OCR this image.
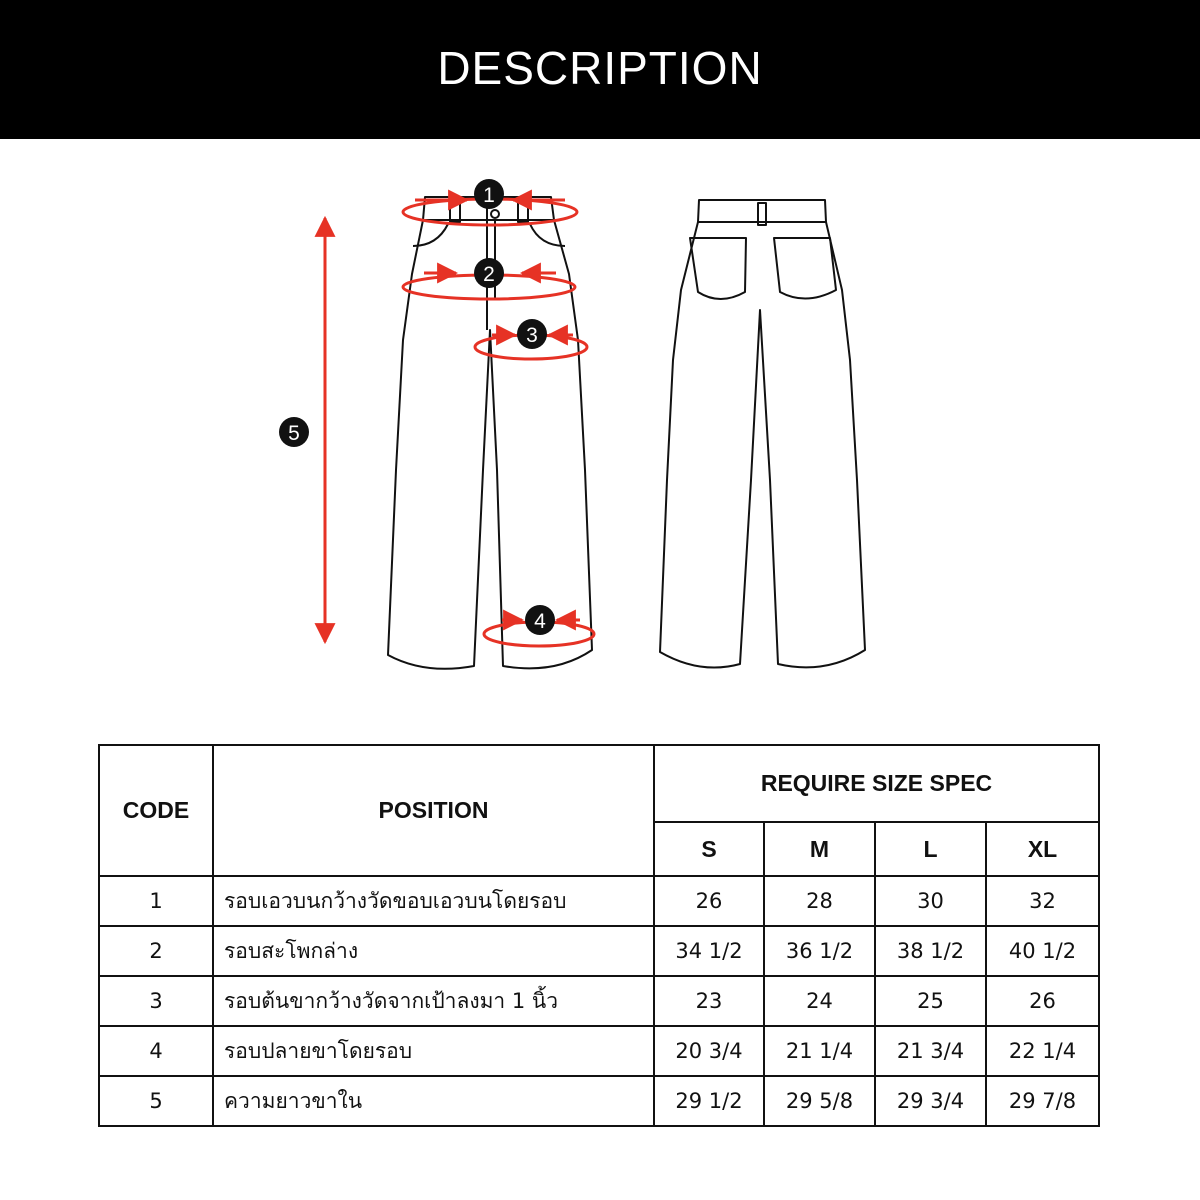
DESCRIPTION
1
2
3
4
5
CODE	POSITION	REQUIRE SIZE SPEC			
		S	M	L	XL
1	รอบเอวบนกว้างวัดขอบเอวบนโดยรอบ	26	28	30	32
2	รอบสะโพกล่าง	34 1/2	36 1/2	38 1/2	40 1/2
3	รอบต้นขากว้างวัดจากเป้าลงมา 1 นิ้ว	23	24	25	26
4	รอบปลายขาโดยรอบ	20 3/4	21 1/4	21 3/4	22 1/4
5	ความยาวขาใน	29 1/2	29 5/8	29 3/4	29 7/8
